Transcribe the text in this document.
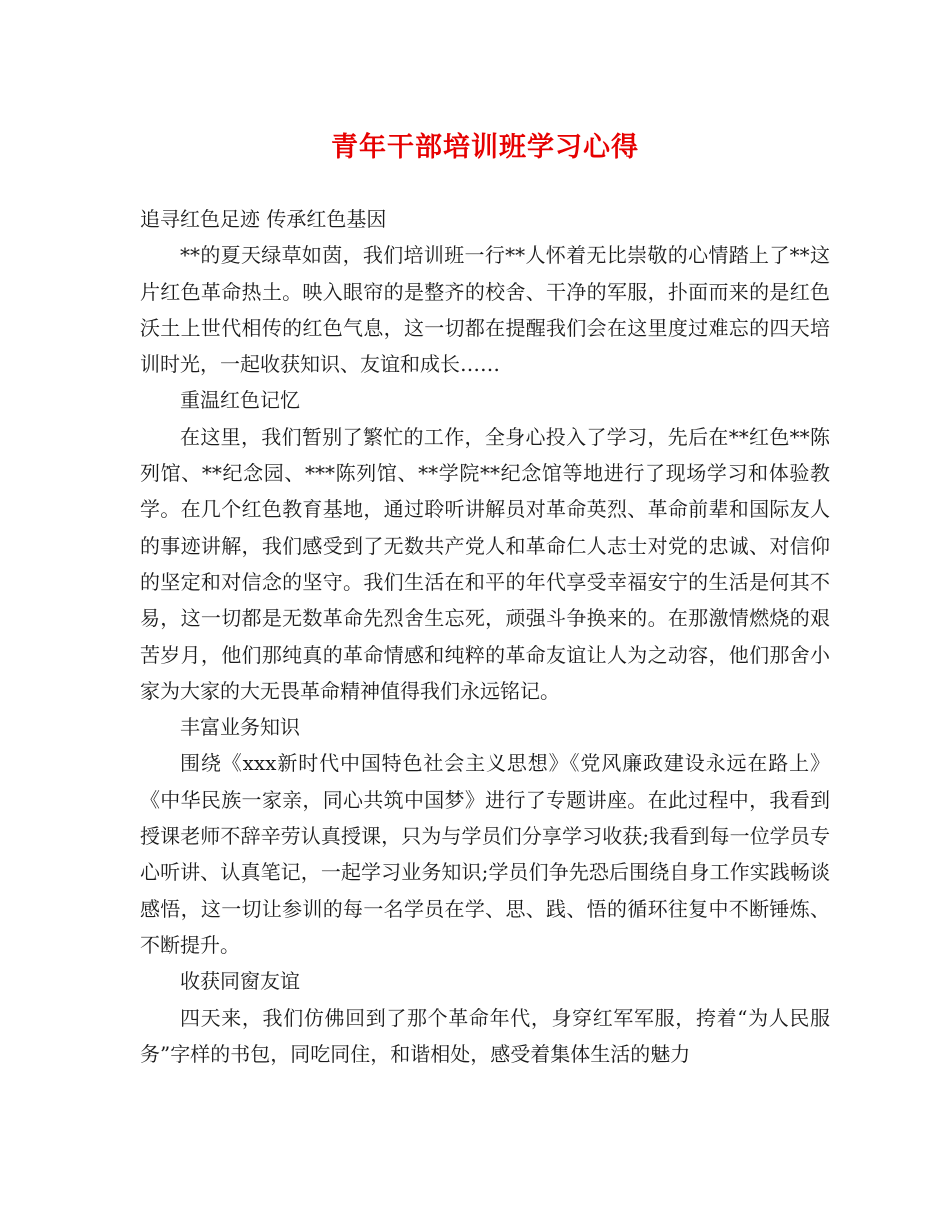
青年干部培训班学习心得

追寻红色足迹 传承红色基因

**的夏天绿草如茵，我们培训班一行**人怀着无比崇敬的心情踏上了**这片红色革命热土。映入眼帘的是整齐的校舍、干净的军服，扑面而来的是红色沃土上世代相传的红色气息，这一切都在提醒我们会在这里度过难忘的四天培训时光，一起收获知识、友谊和成长……

重温红色记忆

在这里，我们暂别了繁忙的工作，全身心投入了学习，先后在**红色**陈列馆、**纪念园、***陈列馆、**学院**纪念馆等地进行了现场学习和体验教学。在几个红色教育基地，通过聆听讲解员对革命英烈、革命前辈和国际友人的事迹讲解，我们感受到了无数共产党人和革命仁人志士对党的忠诚、对信仰的坚定和对信念的坚守。我们生活在和平的年代享受幸福安宁的生活是何其不易，这一切都是无数革命先烈舍生忘死，顽强斗争换来的。在那激情燃烧的艰苦岁月，他们那纯真的革命情感和纯粹的革命友谊让人为之动容，他们那舍小家为大家的大无畏革命精神值得我们永远铭记。

丰富业务知识

围绕《xxx新时代中国特色社会主义思想》《党风廉政建设永远在路上》《中华民族一家亲，同心共筑中国梦》进行了专题讲座。在此过程中，我看到授课老师不辞辛劳认真授课，只为与学员们分享学习收获;我看到每一位学员专心听讲、认真笔记，一起学习业务知识;学员们争先恐后围绕自身工作实践畅谈感悟，这一切让参训的每一名学员在学、思、践、悟的循环往复中不断锤炼、不断提升。

收获同窗友谊

四天来，我们仿佛回到了那个革命年代，身穿红军军服，挎着“为人民服务”字样的书包，同吃同住，和谐相处，感受着集体生活的魅力
